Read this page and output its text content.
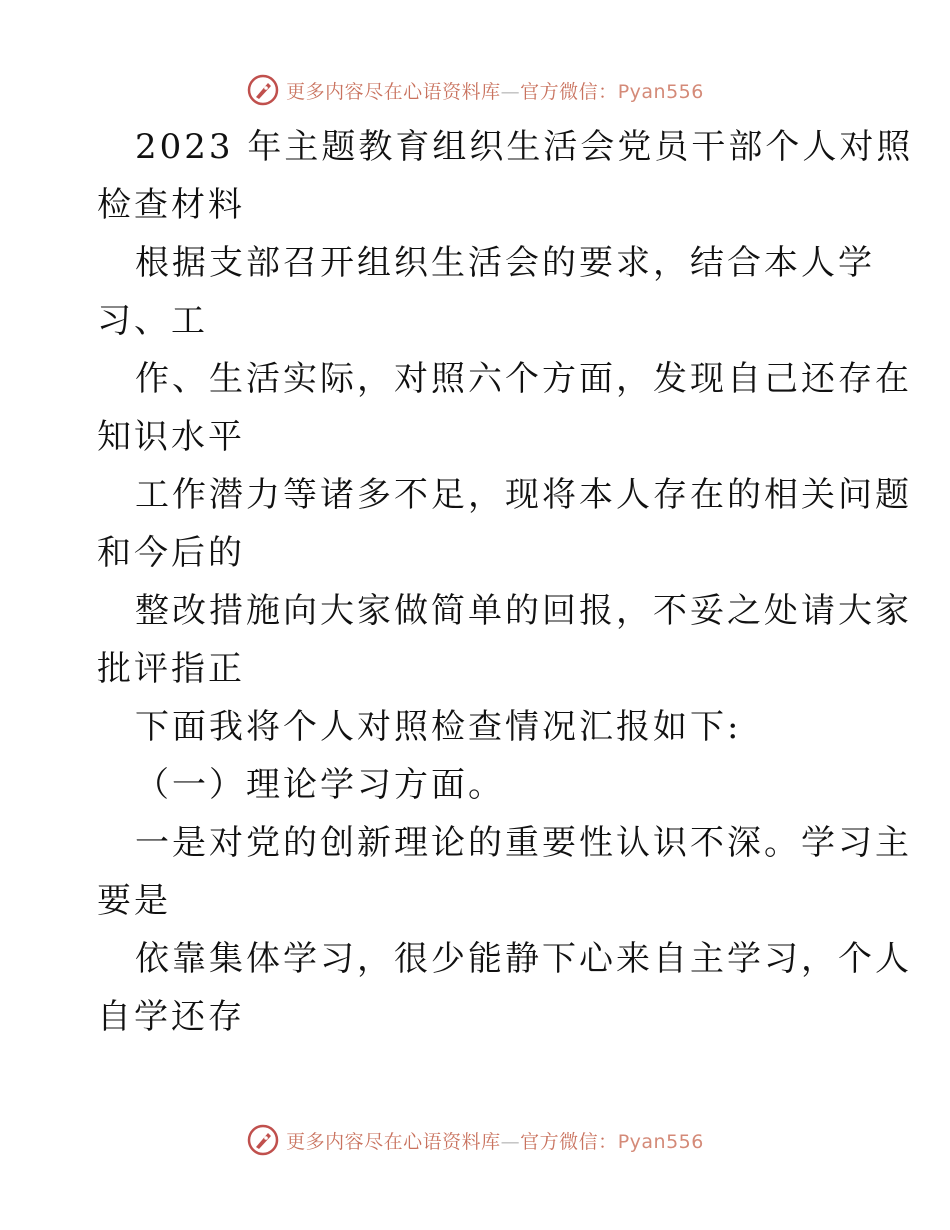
更多内容尽在心语资料库—官方微信：Pyan556
2023 年主题教育组织生活会党员干部个人对照
检查材料
根据支部召开组织生活会的要求，结合本人学
习、工
作、生活实际，对照六个方面，发现自己还存在
知识水平
工作潜力等诸多不足，现将本人存在的相关问题
和今后的
整改措施向大家做简单的回报，不妥之处请大家
批评指正
下面我将个人对照检查情况汇报如下:
（一）理论学习方面。
一是对党的创新理论的重要性认识不深。学习主
要是
依靠集体学习，很少能静下心来自主学习，个人
自学还存
更多内容尽在心语资料库—官方微信：Pyan556
